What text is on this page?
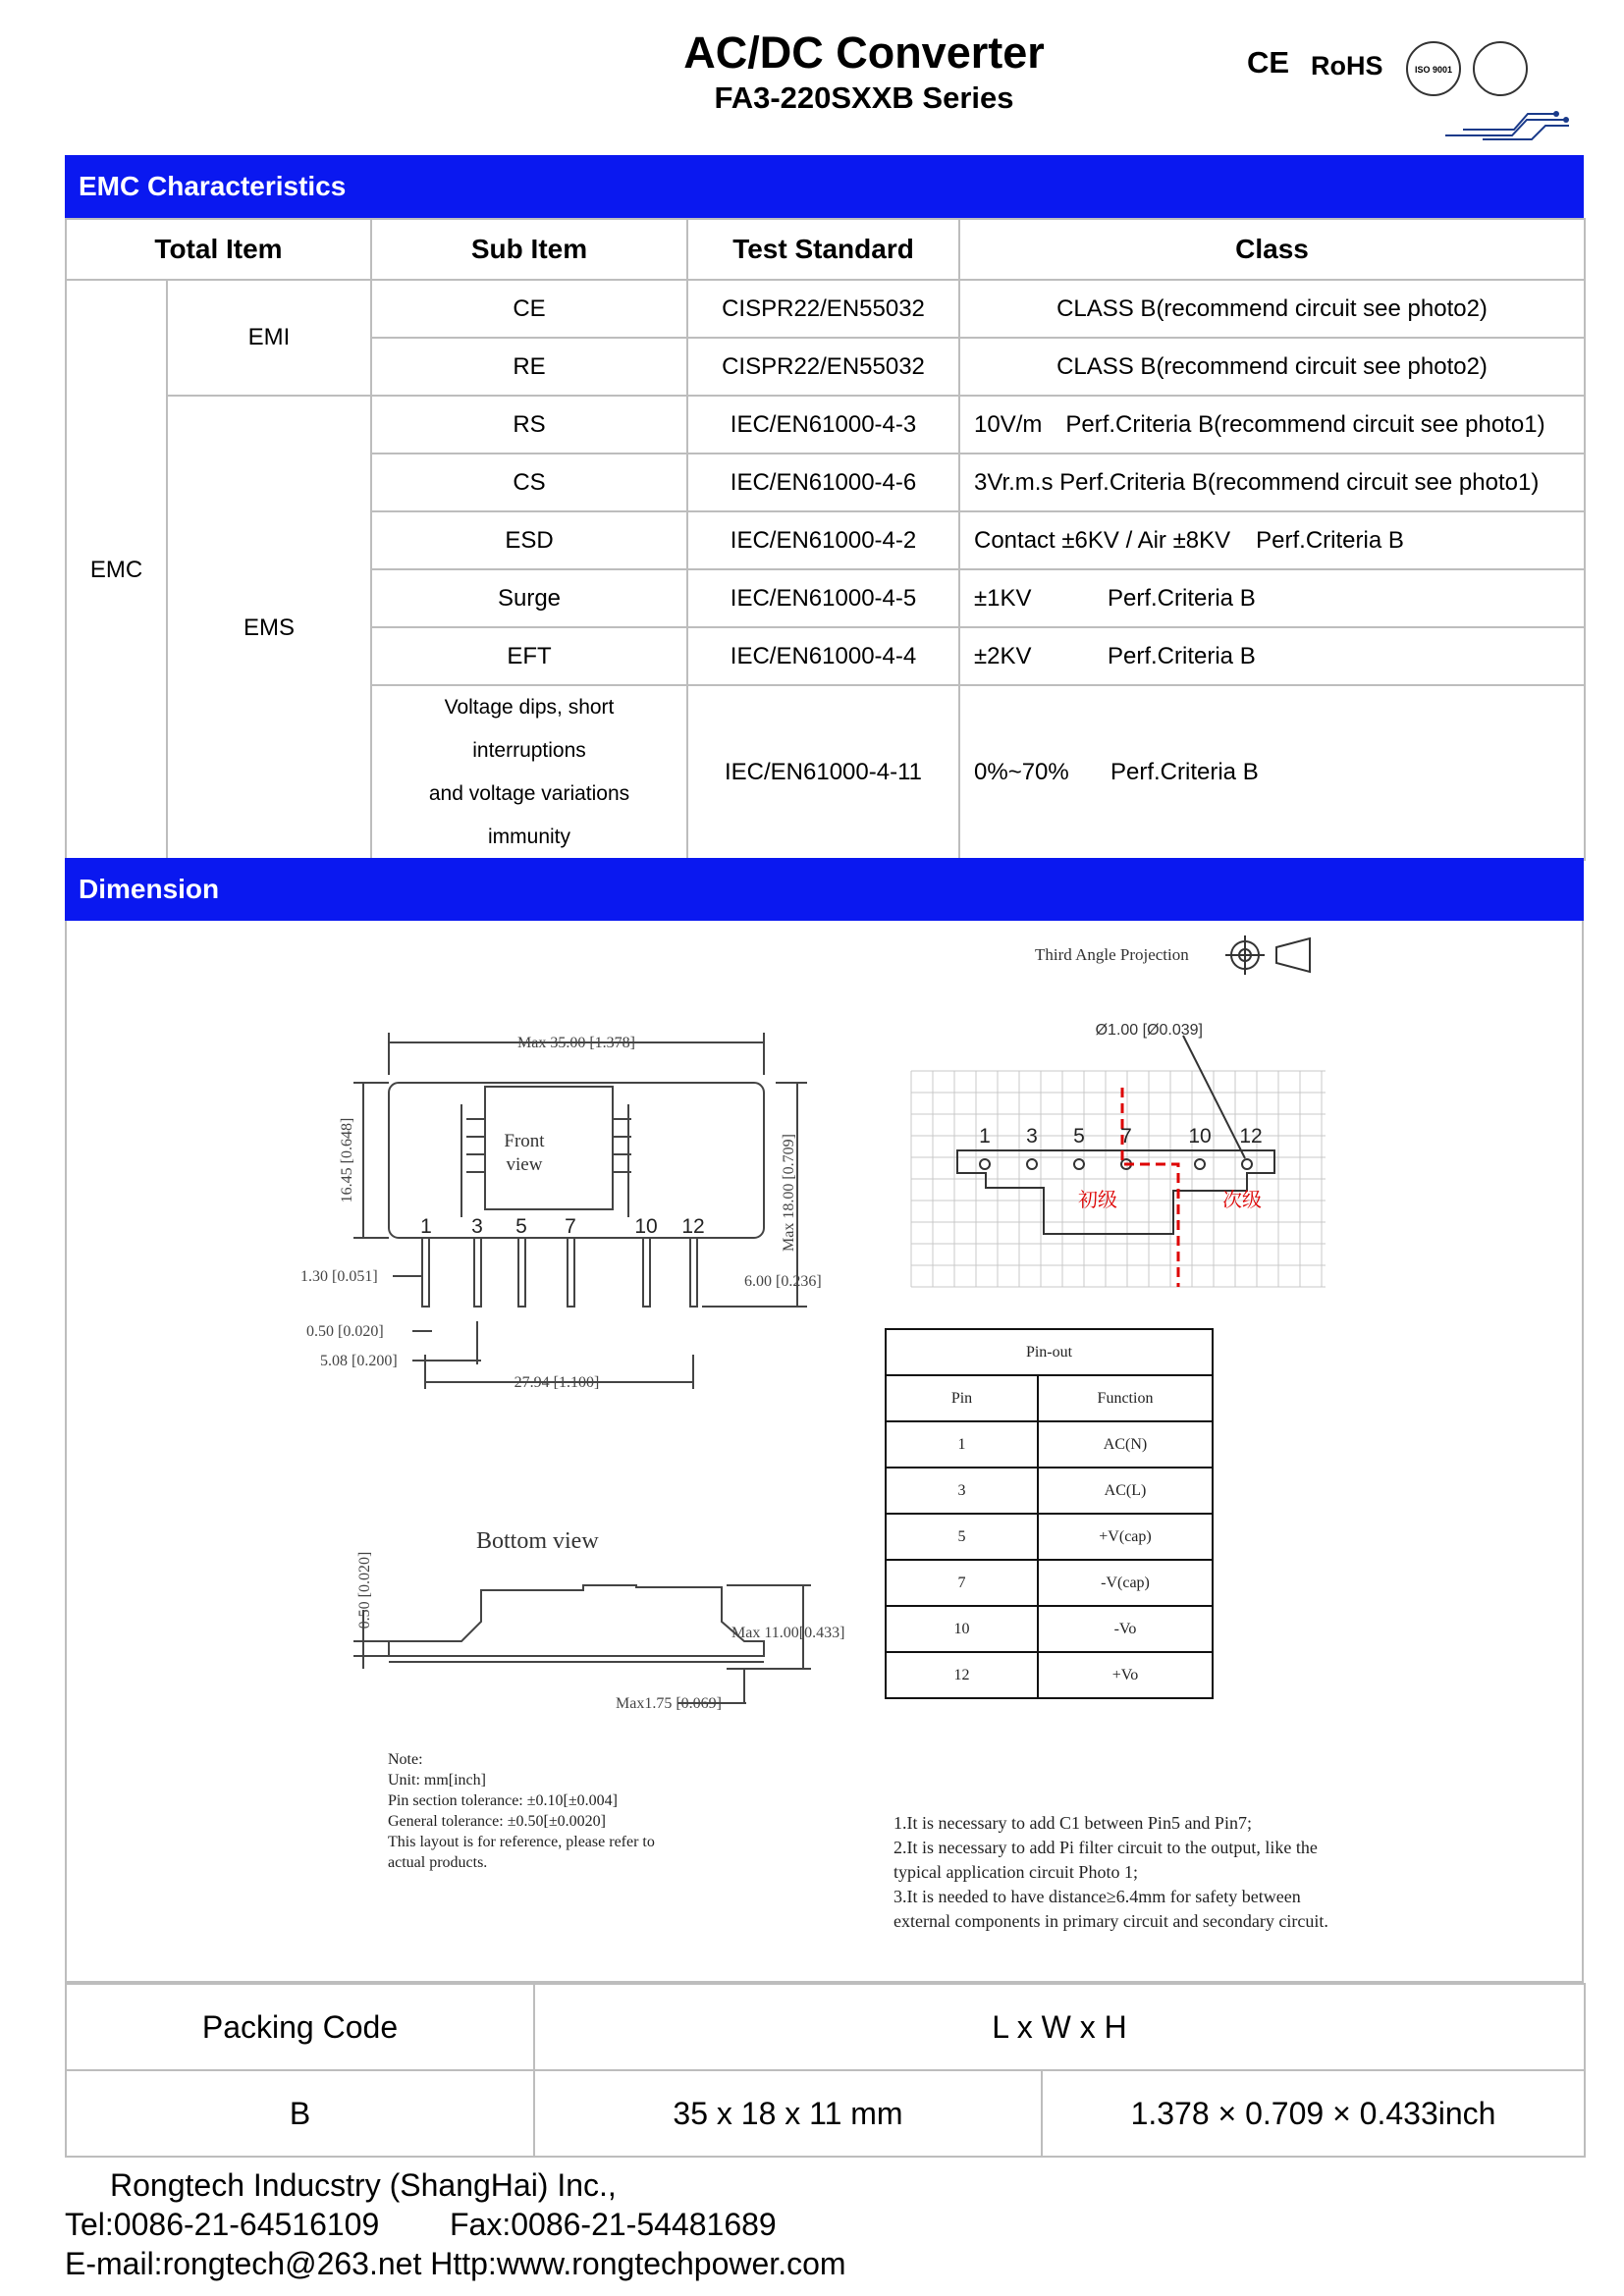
AC/DC Converter
FA3-220SXXB Series
CE RoHS	ISO 9001
EMC Characteristics
Total Item		Sub Item	Test Standard	Class
EMC	EMI	CE	CISPR22/EN55032	CLASS B(recommend circuit see photo2)
		RE	CISPR22/EN55032	CLASS B(recommend circuit see photo2)
	EMS	RS	IEC/EN61000-4-3	10V/m Perf.Criteria B(recommend circuit see photo1)
		CS	IEC/EN61000-4-6	3Vr.m.s Perf.Criteria B(recommend circuit see photo1)
		ESD	IEC/EN61000-4-2	Contact ±6KV / Air ±8KV Perf.Criteria B
		Surge	IEC/EN61000-4-5	±1KV Perf.Criteria B
		EFT	IEC/EN61000-4-4	±2KV Perf.Criteria B

		Voltage dips, short
interruptions
and voltage variations
immunity	IEC/EN61000-4-11	0%~70% Perf.Criteria B
Dimension
Third Angle Projection
Front
view
Max 35.00 [1.378]
16.45 [0.648]	Max 18.00 [0.709]
1.30 [0.051]
0.50 [0.020]
5.08 [0.200]
27.94 [1.100]
6.00 [0.236]
1 3 5 7	10 12
Ø1.00 [Ø0.039]
1 3 5 7	10 12
初级	次级
Bottom view
0.50 [0.020]
Max 11.00[0.433]
Max1.75 [0.069]
Pin-out	
Pin	Function
1	AC(N)
3	AC(L)
5	+V(cap)
7	-V(cap)
10	-Vo
12	+Vo
Note:
Unit: mm[inch]
Pin section tolerance: ±0.10[±0.004]
General tolerance: ±0.50[±0.0020]
This layout is for reference, please refer to
actual products.
1.It is necessary to add C1 between Pin5 and Pin7;
2.It is necessary to add Pi filter circuit to the output, like the
typical application circuit Photo 1;
3.It is needed to have distance≥6.4mm for safety between
external components in primary circuit and secondary circuit.
Packing Code	L x W x H	
B	35 x 18 x 11 mm	1.378 × 0.709 × 0.433inch
Rongtech Inducstry (ShangHai) Inc.,
Tel:0086-21-64516109 Fax:0086-21-54481689
E-mail:rongtech@263.net Http:www.rongtechpower.com
